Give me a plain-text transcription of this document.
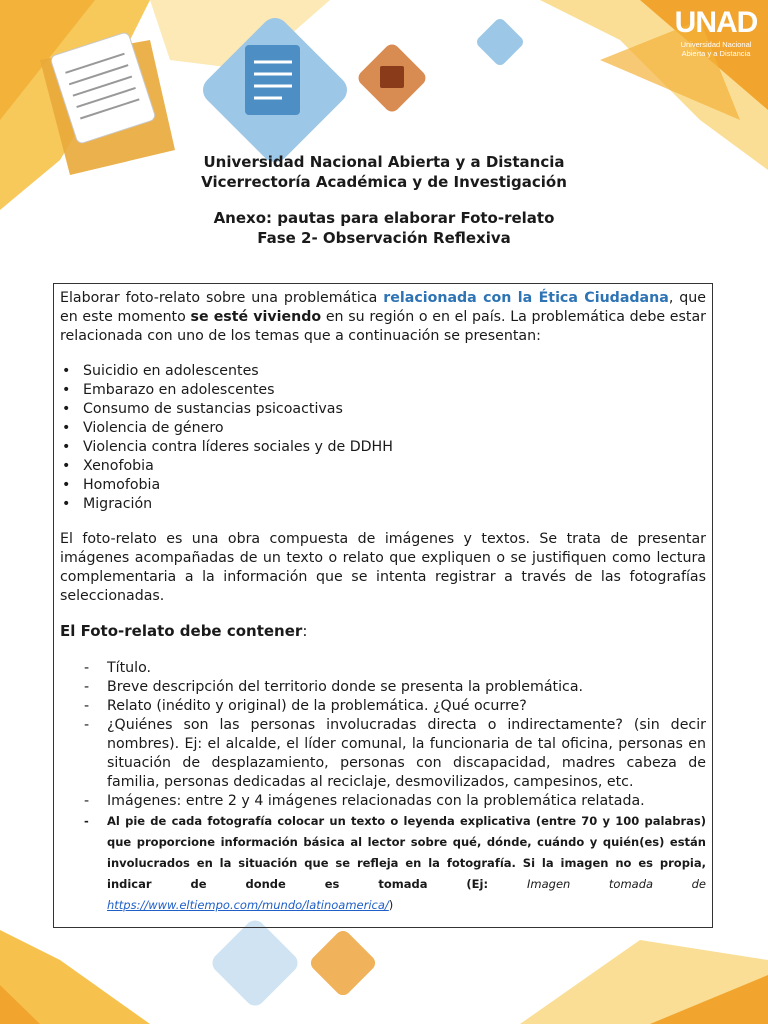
UNAD
Universidad Nacional
Abierta y a Distancia
Universidad Nacional Abierta y a Distancia
Vicerrectoría Académica y de Investigación
Anexo: pautas para elaborar Foto-relato
Fase 2- Observación Reflexiva

Elaborar foto-relato sobre una problemática relacionada con la Ética Ciudadana, que en este momento se esté viviendo en su región o en el país. La problemática debe estar relacionada con uno de los temas que a continuación se presentan:

• Suicidio en adolescentes
• Embarazo en adolescentes
• Consumo de sustancias psicoactivas
• Violencia de género
• Violencia contra líderes sociales y de DDHH
• Xenofobia
• Homofobia
• Migración

El foto-relato es una obra compuesta de imágenes y textos. Se trata de presentar imágenes acompañadas de un texto o relato que expliquen o se justifiquen como lectura complementaria a la información que se intenta registrar a través de las fotografías seleccionadas.

El Foto-relato debe contener:

- Título.
- Breve descripción del territorio donde se presenta la problemática.
- Relato (inédito y original) de la problemática. ¿Qué ocurre?
- ¿Quiénes son las personas involucradas directa o indirectamente? (sin decir nombres). Ej: el alcalde, el líder comunal, la funcionaria de tal oficina, personas en situación de desplazamiento, personas con discapacidad, madres cabeza de familia, personas dedicadas al reciclaje, desmovilizados, campesinos, etc.
- Imágenes: entre 2 y 4 imágenes relacionadas con la problemática relatada.
- Al pie de cada fotografía colocar un texto o leyenda explicativa (entre 70 y 100 palabras) que proporcione información básica al lector sobre qué, dónde, cuándo y quién(es) están involucrados en la situación que se refleja en la fotografía. Si la imagen no es propia, indicar de donde es tomada (Ej: Imagen tomada de https://www.eltiempo.com/mundo/latinoamerica/)
